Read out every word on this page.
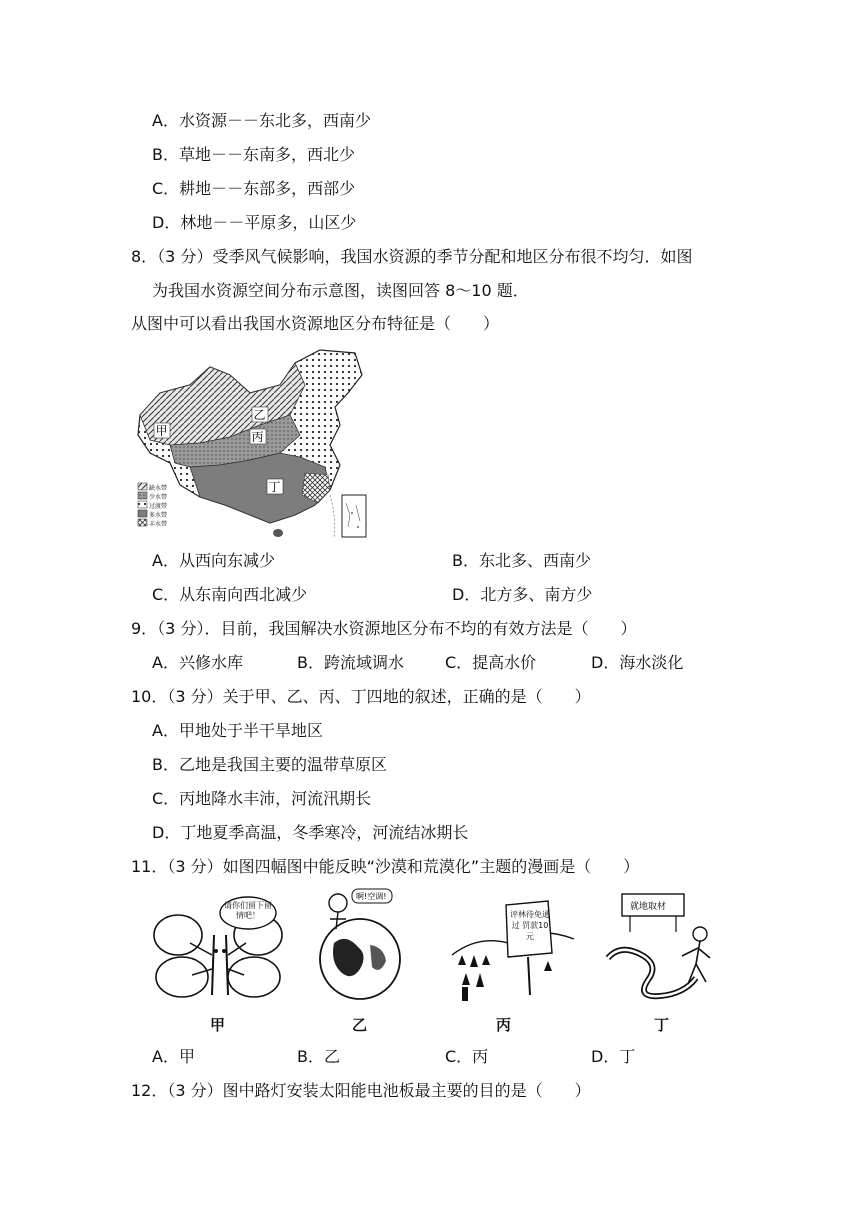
A．水资源－－东北多，西南少
B．草地－－东南多，西北少
C．耕地－－东部多，西部少
D．林地－－平原多，山区少
8．（3 分）受季风气候影响，我国水资源的季节分配和地区分布很不均匀．如图
为我国水资源空间分布示意图，读图回答 8～10 题．
从图中可以看出我国水资源地区分布特征是（　　）
甲
乙
丙
丁
缺水带
少水带
过渡带
多水带
丰水带
A．从西向东减少	B．东北多、西南少
C．从东南向西北减少	D．北方多、南方少
9．（3 分）．目前，我国解决水资源地区分布不均的有效方法是（　　）
A．兴修水库	B．跨流域调水	C．提高水价	D．海水淡化
10．（3 分）关于甲、乙、丙、丁四地的叙述，正确的是（　　）
A．甲地处于半干旱地区
B．乙地是我国主要的温带草原区
C．丙地降水丰沛，河流汛期长
D．丁地夏季高温，冬季寒冷，河流结冰期长
11．（3 分）如图四幅图中能反映“沙漠和荒漠化”主题的漫画是（　　）
请你们留下留情吧！
甲
啊!空调!
乙
评林待免通过 罚款10元
丙
就地取材
丁
A．甲	B．乙	C．丙	D．丁
12．（3 分）图中路灯安装太阳能电池板最主要的目的是（　　）
